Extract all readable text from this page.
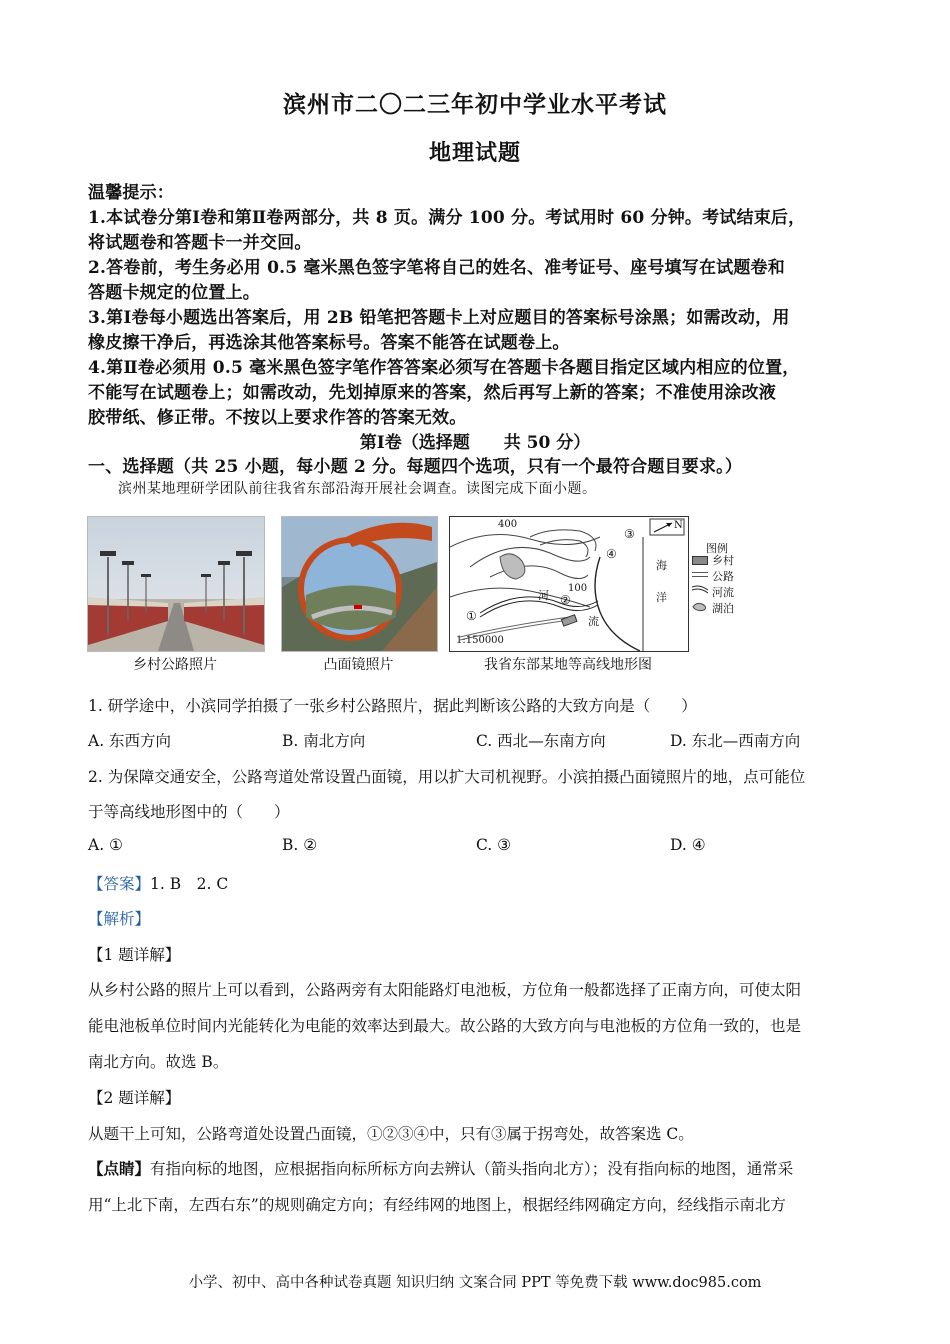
滨州市二〇二三年初中学业水平考试
地理试题
温馨提示：
1.本试卷分第Ⅰ卷和第Ⅱ卷两部分，共 8 页。满分 100 分。考试用时 60 分钟。考试结束后，
将试题卷和答题卡一并交回。
2.答卷前，考生务必用 0.5 毫米黑色签字笔将自己的姓名、准考证号、座号填写在试题卷和
答题卡规定的位置上。
3.第Ⅰ卷每小题选出答案后，用 2B 铅笔把答题卡上对应题目的答案标号涂黑；如需改动，用
橡皮擦干净后，再选涂其他答案标号。答案不能答在试题卷上。
4.第Ⅱ卷必须用 0.5 毫米黑色签字笔作答答案必须写在答题卡各题目指定区域内相应的位置，
不能写在试题卷上；如需改动，先划掉原来的答案，然后再写上新的答案；不准使用涂改液
胶带纸、修正带。不按以上要求作答的答案无效。
第Ⅰ卷（选择题　　共 50 分）
一、选择题（共 25 小题，每小题 2 分。每题四个选项，只有一个最符合题目要求。）
滨州某地理研学团队前往我省东部沿海开展社会调查。读图完成下面小题。
乡村公路照片	凸面镜照片
400
100
N
①
②
③
④
海
洋
河
流
1:150000
图例
乡村
公路
河流
湖泊
我省东部某地等高线地形图
1. 研学途中，小滨同学拍摄了一张乡村公路照片，据此判断该公路的大致方向是（　　）
A. 东西方向	B. 南北方向	C. 西北—东南方向	D. 东北—西南方向
2. 为保障交通安全，公路弯道处常设置凸面镜，用以扩大司机视野。小滨拍摄凸面镜照片的地，点可能位
于等高线地形图中的（　　）
A. ①	B. ②	C. ③	D. ④
【答案】1. B　2. C
【解析】
【1 题详解】
从乡村公路的照片上可以看到，公路两旁有太阳能路灯电池板，方位角一般都选择了正南方向，可使太阳
能电池板单位时间内光能转化为电能的效率达到最大。故公路的大致方向与电池板的方位角一致的，也是
南北方向。故选 B。
【2 题详解】
从题干上可知，公路弯道处设置凸面镜，①②③④中，只有③属于拐弯处，故答案选 C。
【点睛】有指向标的地图，应根据指向标所标方向去辨认（箭头指向北方）；没有指向标的地图，通常采
用“上北下南，左西右东”的规则确定方向；有经纬网的地图上，根据经纬网确定方向，经线指示南北方
小学、初中、高中各种试卷真题 知识归纳 文案合同 PPT 等免费下载 www.doc985.com
